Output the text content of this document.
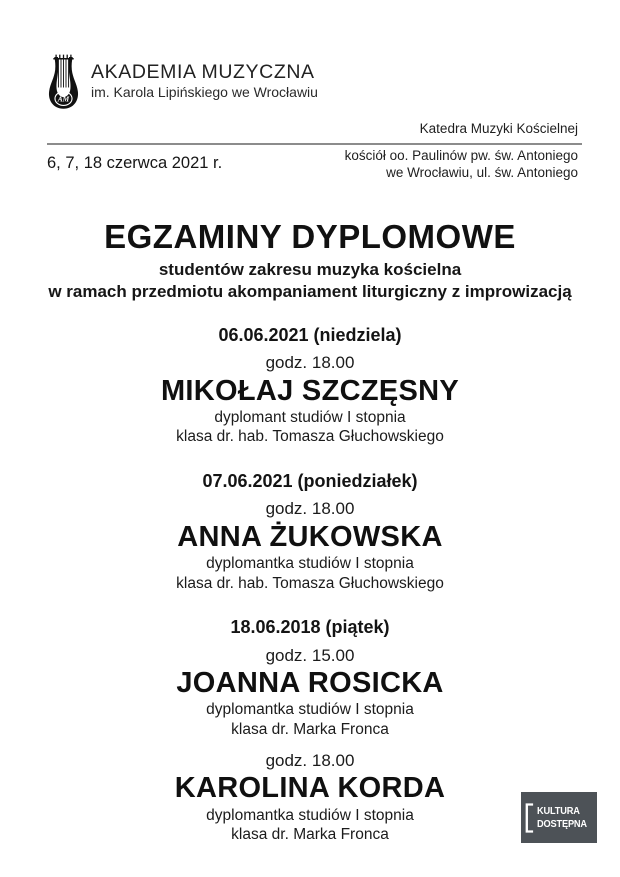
AM
AKADEMIA MUZYCZNA
im. Karola Lipińskiego we Wrocławiu
Katedra Muzyki Kościelnej
6, 7, 18 czerwca 2021 r.	kościół oo. Paulinów pw. św. Antoniego
we Wrocławiu, ul. św. Antoniego
EGZAMINY DYPLOMOWE
studentów zakresu muzyka kościelna
w ramach przedmiotu akompaniament liturgiczny z improwizacją
06.06.2021 (niedziela)
godz. 18.00
MIKOŁAJ SZCZĘSNY
dyplomant studiów I stopnia
klasa dr. hab. Tomasza Głuchowskiego
07.06.2021 (poniedziałek)
godz. 18.00
ANNA ŻUKOWSKA
dyplomantka studiów I stopnia
klasa dr. hab. Tomasza Głuchowskiego
18.06.2018 (piątek)
godz. 15.00
JOANNA ROSICKA
dyplomantka studiów I stopnia
klasa dr. Marka Fronca
godz. 18.00
KAROLINA KORDA
dyplomantka studiów I stopnia
klasa dr. Marka Fronca
KULTURA
DOSTĘPNA
